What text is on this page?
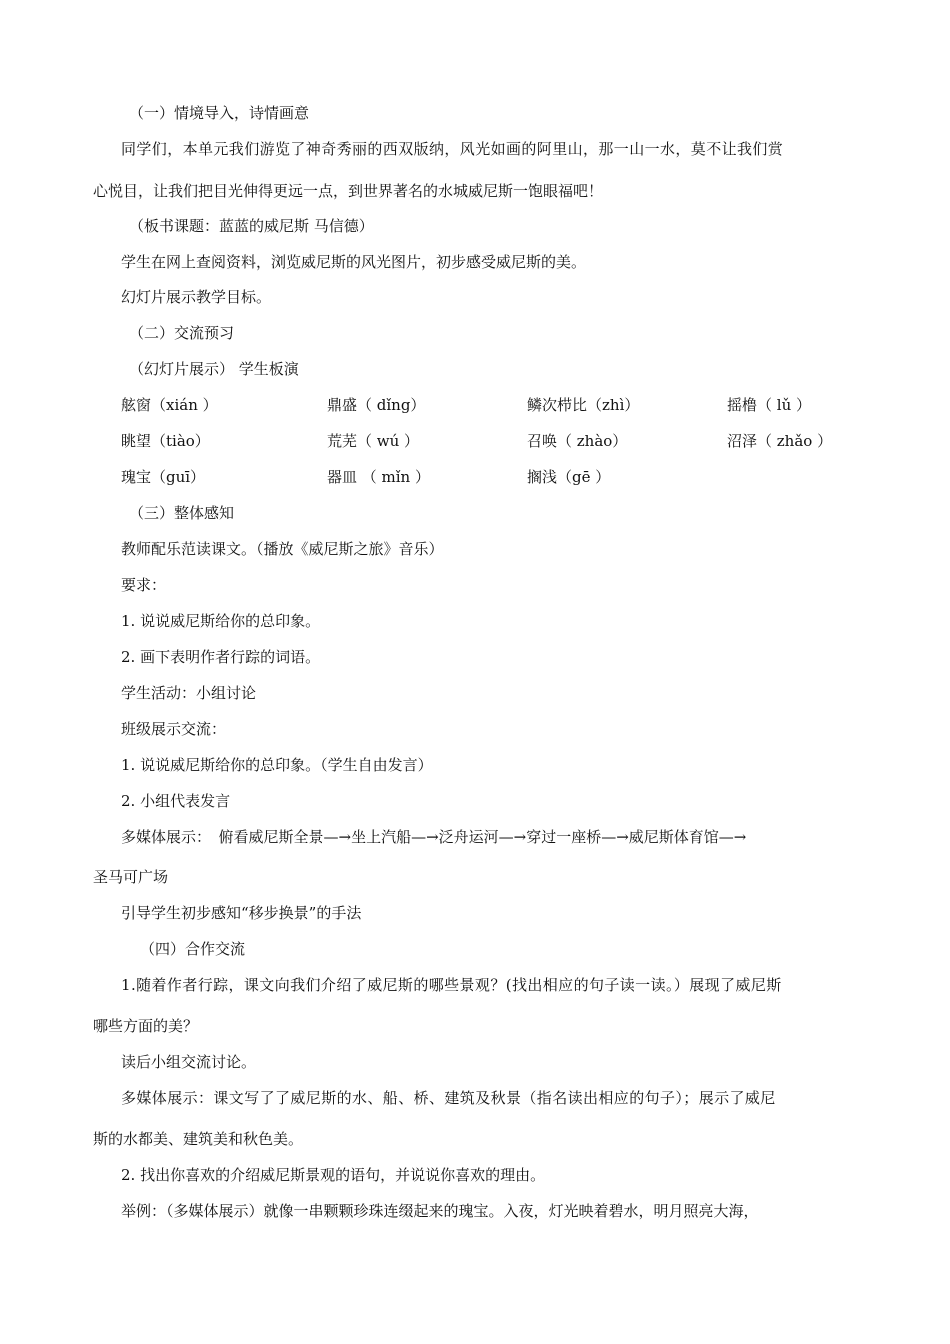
（一）情境导入，诗情画意
同学们，本单元我们游览了神奇秀丽的西双版纳，风光如画的阿里山，那一山一水，莫不让我们赏
心悦目，让我们把目光伸得更远一点，到世界著名的水城威尼斯一饱眼福吧！
（板书课题：蓝蓝的威尼斯 马信德）
学生在网上查阅资料，浏览威尼斯的风光图片，初步感受威尼斯的美。
幻灯片展示教学目标。
（二）交流预习
（幻灯片展示） 学生板演
舷窗（xián ）	鼎盛（ dǐng）	鳞次栉比（zhì）	摇橹（ lǔ ）
眺望（tiào）	荒芜（ wú ）	召唤（ zhào）	沼泽（ zhǎo ）
瑰宝（guī）	器皿 （ mǐn ）	搁浅（gē ）
（三）整体感知
教师配乐范读课文。（播放《威尼斯之旅》音乐）
要求：
1. 说说威尼斯给你的总印象。
2. 画下表明作者行踪的词语。
学生活动：小组讨论
班级展示交流：
1. 说说威尼斯给你的总印象。（学生自由发言）
2. 小组代表发言
多媒体展示：　俯看威尼斯全景—→坐上汽船—→泛舟运河—→穿过一座桥—→威尼斯体育馆—→
圣马可广场
引导学生初步感知“移步换景”的手法
（四）合作交流
1.随着作者行踪，课文向我们介绍了威尼斯的哪些景观？(找出相应的句子读一读。）展现了威尼斯
哪些方面的美？
读后小组交流讨论。
多媒体展示：课文写了了威尼斯的水、船、桥、建筑及秋景（指名读出相应的句子）；展示了威尼
斯的水都美、建筑美和秋色美。
2. 找出你喜欢的介绍威尼斯景观的语句，并说说你喜欢的理由。
举例：（多媒体展示）就像一串颗颗珍珠连缀起来的瑰宝。入夜，灯光映着碧水，明月照亮大海，
